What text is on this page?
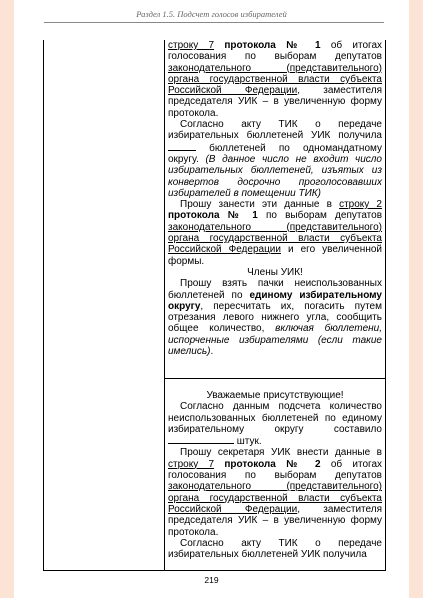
Раздел 1.5. Подсчет голосов избирателей

строку 7 протокола № 1 об итогах голосования по выборам депутатов законодательного (представительного) органа государственной власти субъекта Российской Федерации, заместителя председателя УИК – в увеличенную форму протокола.

Согласно акту ТИК о передаче избирательных бюллетеней УИК получила  бюллетеней по одномандатному округу. (В данное число не входит число избирательных бюллетеней, изъятых из конвертов досрочно проголосовавших избирателей в помещении ТИК)

Прошу занести эти данные в строку 2 протокола № 1 по выборам депутатов законодательного (представительного) органа государственной власти субъекта Российской Федерации и его увеличенной формы.

Члены УИК!

Прошу взять пачки неиспользованных бюллетеней по единому избирательному округу, пересчитать их, погасить путем отрезания левого нижнего угла, сообщить общее количество, включая бюллетени, испорченные избирателями (если такие имелись).

Уважаемые присутствующие!

Согласно данным подсчета количество неиспользованных бюллетеней по единому избирательному округу составило  штук.

Прошу секретаря УИК внести данные в строку 7 протокола № 2 об итогах голосования по выборам депутатов законодательного (представительного) органа государственной власти субъекта Российской Федерации, заместителя председателя УИК – в увеличенную форму протокола.

Согласно акту ТИК о передаче избирательных бюллетеней УИК получила

219
